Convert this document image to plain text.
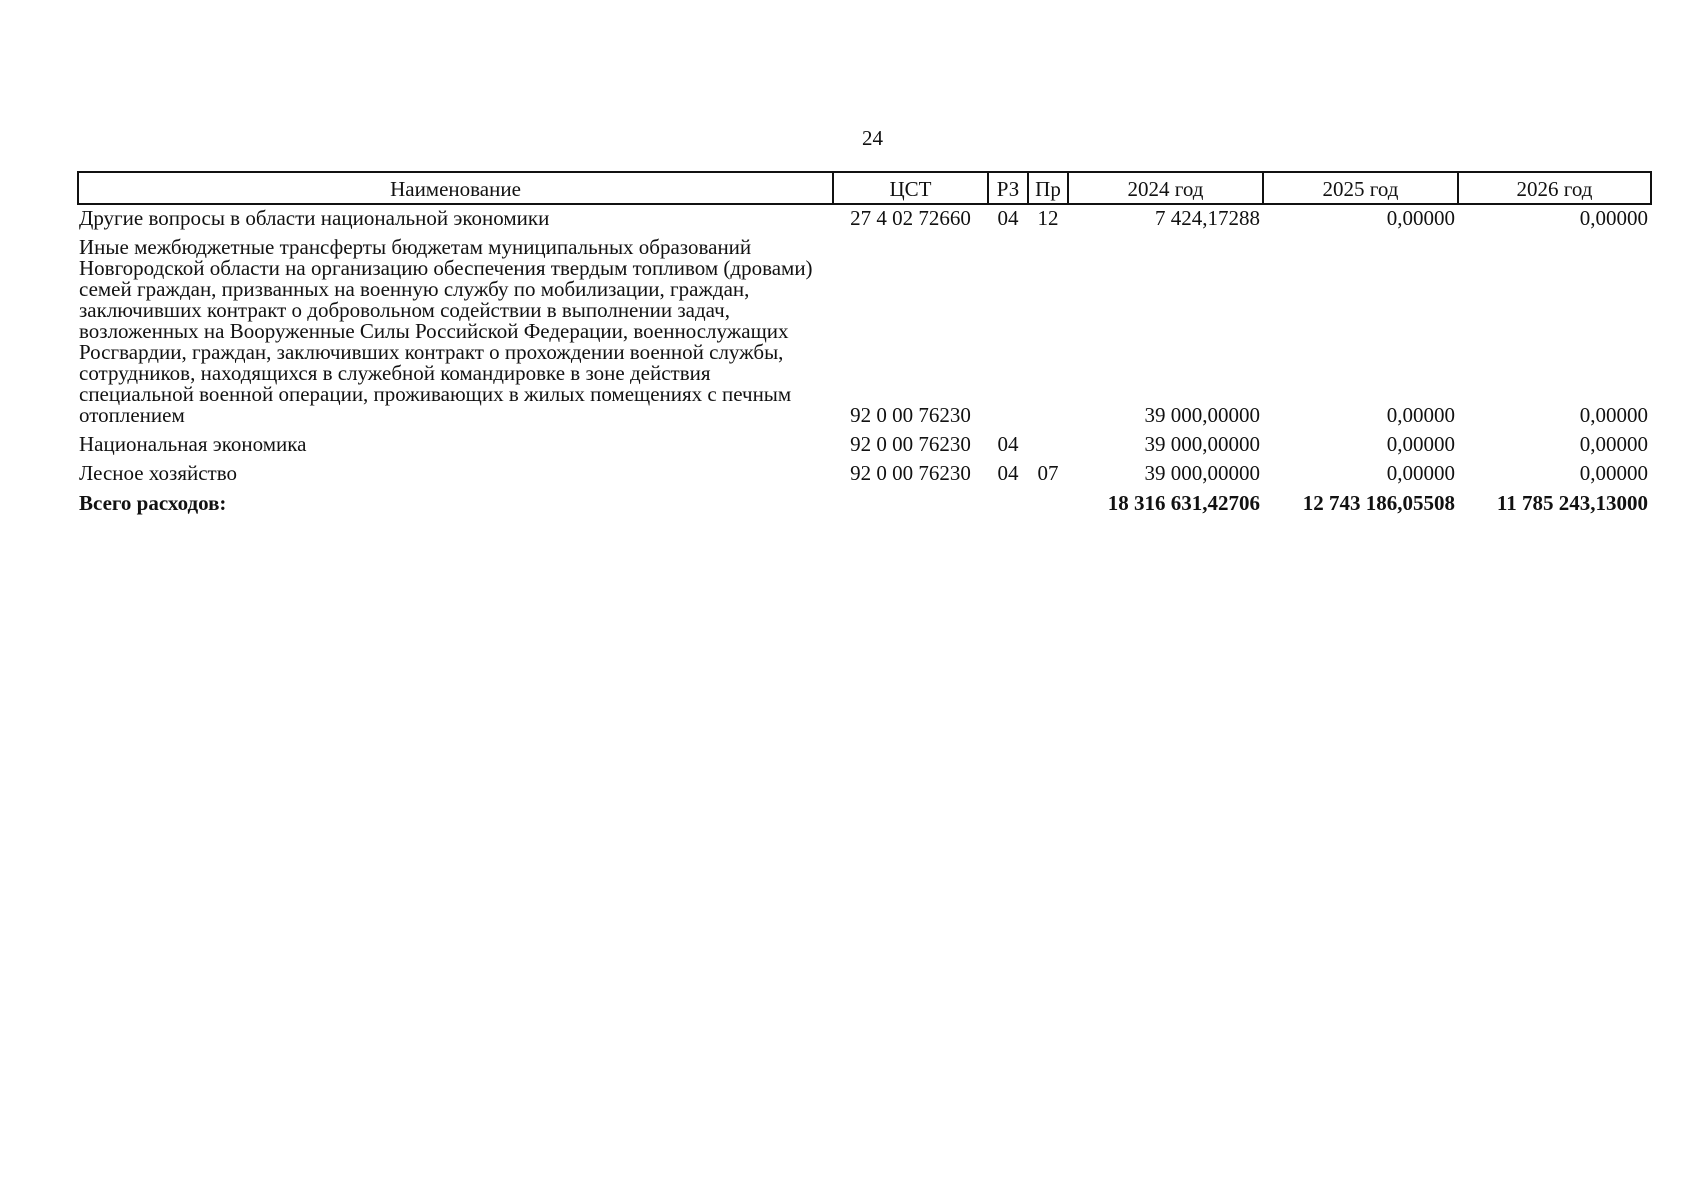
24
Наименование	ЦСТ	РЗ	Пр	2024 год	2025 год	2026 год
Другие вопросы в области национальной экономики	27 4 02 72660	04	12	7 424,17288	0,00000	0,00000
Иные межбюджетные трансферты бюджетам муниципальных образований Новгородской области на организацию обеспечения твердым топливом (дровами) семей граждан, призванных на военную службу по мобилизации, граждан, заключивших контракт о добровольном содействии в выполнении задач, возложенных на Вооруженные Силы Российской Федерации, военнослужащих Росгвардии, граждан, заключивших контракт о прохождении военной службы, сотрудников, находящихся в служебной командировке в зоне действия специальной военной операции, проживающих в жилых помещениях с печным отоплением	92 0 00 76230			39 000,00000	0,00000	0,00000
Национальная экономика	92 0 00 76230	04		39 000,00000	0,00000	0,00000
Лесное хозяйство	92 0 00 76230	04	07	39 000,00000	0,00000	0,00000
Всего расходов:				18 316 631,42706	12 743 186,05508	11 785 243,13000
